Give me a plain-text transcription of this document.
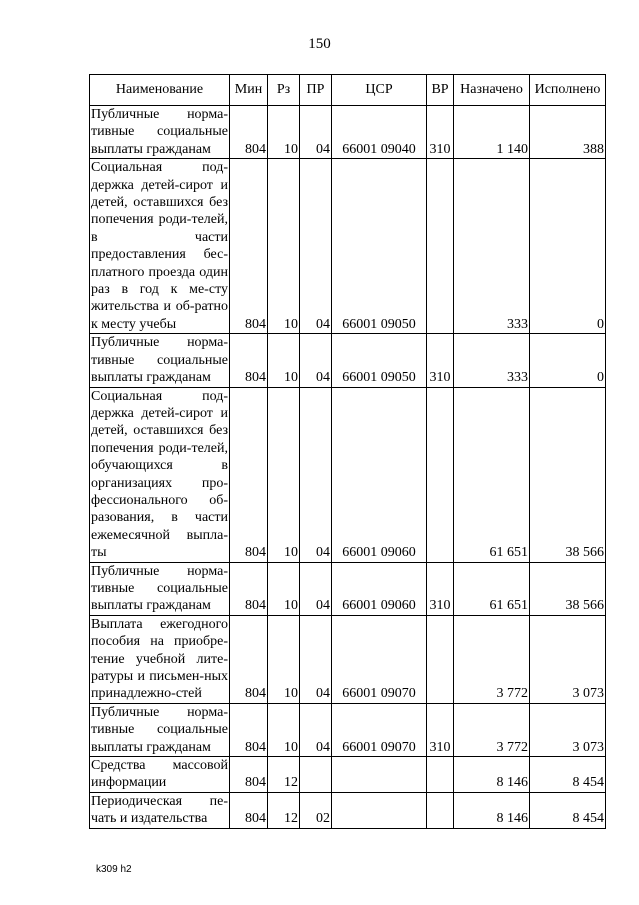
150
Наименование	Мин	Рз	ПР	ЦСР	ВР	Назначено	Исполнено
Публичные норма-тивные социальные выплаты гражданам	804	10	04	66001 09040	310	1 140	388
Социальная под-держка детей-сирот и детей, оставшихся без попечения роди-телей, в части предоставления бес-платного проезда один раз в год к ме-сту жительства и об-ратно к месту учебы	804	10	04	66001 09050		333	0
Публичные норма-тивные социальные выплаты гражданам	804	10	04	66001 09050	310	333	0
Социальная под-держка детей-сирот и детей, оставшихся без попечения роди-телей, обучающихся в организациях про-фессионального об-разования, в части ежемесячной выпла-ты	804	10	04	66001 09060		61 651	38 566
Публичные норма-тивные социальные выплаты гражданам	804	10	04	66001 09060	310	61 651	38 566
Выплата ежегодного пособия на приобре-тение учебной лите-ратуры и письмен-ных принадлежно-стей	804	10	04	66001 09070		3 772	3 073
Публичные норма-тивные социальные выплаты гражданам	804	10	04	66001 09070	310	3 772	3 073
Средства массовой информации	804	12				8 146	8 454
Периодическая пе-чать и издательства	804	12	02			8 146	8 454
k309 h2
